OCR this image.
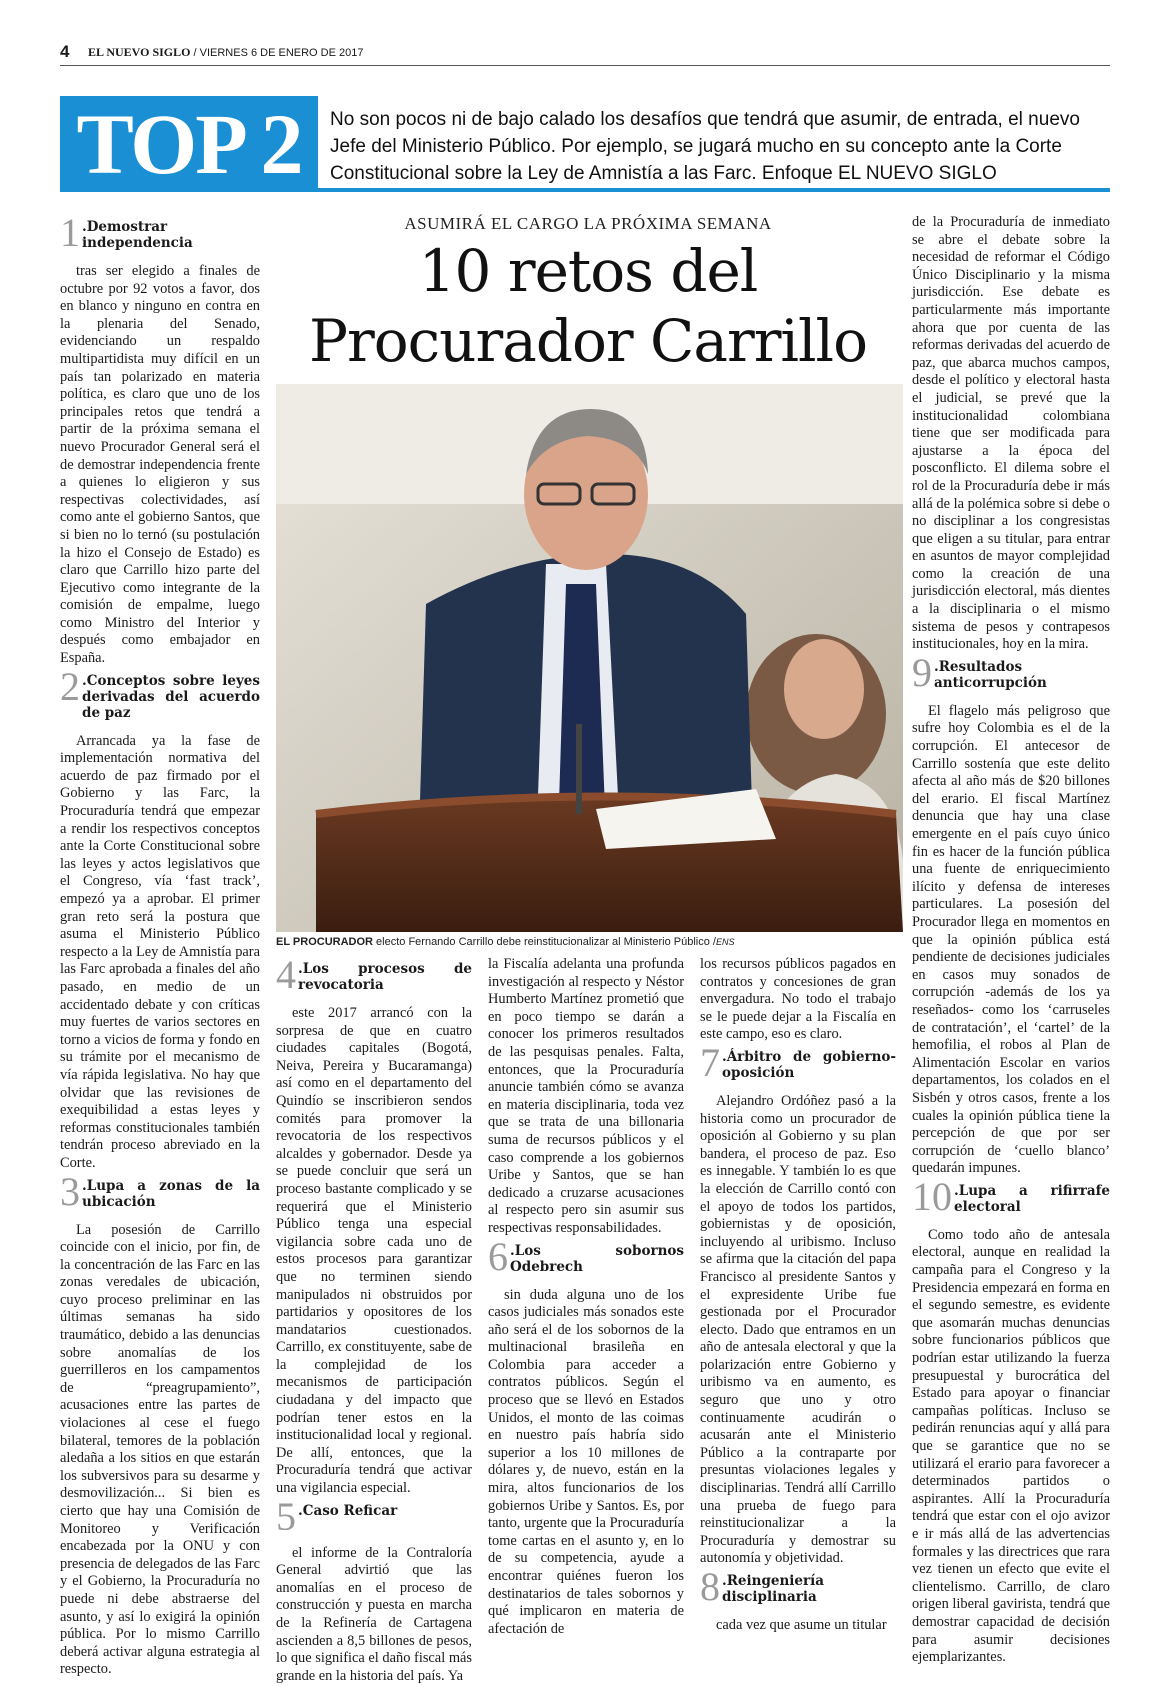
4 EL NUEVO SIGLO / VIERNES 6 DE ENERO DE 2017
TOP 2	No son pocos ni de bajo calado los desafíos que tendrá que asumir, de entrada, el nuevo Jefe del Ministerio Público. Por ejemplo, se jugará mucho en su concepto ante la Corte Constitucional sobre la Ley de Amnistía a las Farc. Enfoque EL NUEVO SIGLO
1 .Demostrar independencia

tras ser elegido a finales de octubre por 92 votos a favor, dos en blanco y ninguno en contra en la plenaria del Senado, evidenciando un respaldo multipartidista muy difícil en un país tan polarizado en materia política, es claro que uno de los principales retos que tendrá a partir de la próxima semana el nuevo Procurador General será el de demostrar independencia frente a quienes lo eligieron y sus respectivas colectividades, así como ante el gobierno Santos, que si bien no lo ternó (su postulación la hizo el Consejo de Estado) es claro que Carrillo hizo parte del Ejecutivo como integrante de la comisión de empalme, luego como Ministro del Interior y después como embajador en España.

2 .Conceptos sobre leyes derivadas del acuerdo de paz

Arrancada ya la fase de implementación normativa del acuerdo de paz firmado por el Gobierno y las Farc, la Procuraduría tendrá que empezar a rendir los respectivos conceptos ante la Corte Constitucional sobre las leyes y actos legislativos que el Congreso, vía ‘fast track’, empezó ya a aprobar. El primer gran reto será la postura que asuma el Ministerio Público respecto a la Ley de Amnistía para las Farc aprobada a finales del año pasado, en medio de un accidentado debate y con críticas muy fuertes de varios sectores en torno a vicios de forma y fondo en su trámite por el mecanismo de vía rápida legislativa. No hay que olvidar que las revisiones de exequibilidad a estas leyes y reformas constitucionales también tendrán proceso abreviado en la Corte.

3 .Lupa a zonas de la ubicación

La posesión de Carrillo coincide con el inicio, por fin, de la concentración de las Farc en las zonas veredales de ubicación, cuyo proceso preliminar en las últimas semanas ha sido traumático, debido a las denuncias sobre anomalías de los guerrilleros en los campamentos de “preagrupamiento”, acusaciones entre las partes de violaciones al cese el fuego bilateral, temores de la población aledaña a los sitios en que estarán los subversivos para su desarme y desmovilización... Si bien es cierto que hay una Comisión de Monitoreo y Verificación encabezada por la ONU y con presencia de delegados de las Farc y el Gobierno, la Procuraduría no puede ni debe abstraerse del asunto, y así lo exigirá la opinión pública. Por lo mismo Carrillo deberá activar alguna estrategia al respecto.

ASUMIRÁ EL CARGO LA PRÓXIMA SEMANA
10 retos del Procurador Carrillo
EL PROCURADOR electo Fernando Carrillo debe reinstitucionalizar al Ministerio Público /ENS
4 .Los procesos de revocatoria

este 2017 arrancó con la sorpresa de que en cuatro ciudades capitales (Bogotá, Neiva, Pereira y Bucaramanga) así como en el departamento del Quindío se inscribieron sendos comités para promover la revocatoria de los respectivos alcaldes y gobernador. Desde ya se puede concluir que será un proceso bastante complicado y se requerirá que el Ministerio Público tenga una especial vigilancia sobre cada uno de estos procesos para garantizar que no terminen siendo manipulados ni obstruidos por partidarios y opositores de los mandatarios cuestionados. Carrillo, ex constituyente, sabe de la complejidad de los mecanismos de participación ciudadana y del impacto que podrían tener estos en la institucionalidad local y regional. De allí, entonces, que la Procuraduría tendrá que activar una vigilancia especial.

5 .Caso Reficar

el informe de la Contraloría General advirtió que las anomalías en el proceso de construcción y puesta en marcha de la Refinería de Cartagena ascienden a 8,5 billones de pesos, lo que significa el daño fiscal más grande en la historia del país. Ya

la Fiscalía adelanta una profunda investigación al respecto y Néstor Humberto Martínez prometió que en poco tiempo se darán a conocer los primeros resultados de las pesquisas penales. Falta, entonces, que la Procuraduría anuncie también cómo se avanza en materia disciplinaria, toda vez que se trata de una billonaria suma de recursos públicos y el caso comprende a los gobiernos Uribe y Santos, que se han dedicado a cruzarse acusaciones al respecto pero sin asumir sus respectivas responsabilidades.

6 .Los sobornos Odebrech

sin duda alguna uno de los casos judiciales más sonados este año será el de los sobornos de la multinacional brasileña en Colombia para acceder a contratos públicos. Según el proceso que se llevó en Estados Unidos, el monto de las coimas en nuestro país habría sido superior a los 10 millones de dólares y, de nuevo, están en la mira, altos funcionarios de los gobiernos Uribe y Santos. Es, por tanto, urgente que la Procuraduría tome cartas en el asunto y, en lo de su competencia, ayude a encontrar quiénes fueron los destinatarios de tales sobornos y qué implicaron en materia de afectación de

los recursos públicos pagados en contratos y concesiones de gran envergadura. No todo el trabajo se le puede dejar a la Fiscalía en este campo, eso es claro.

7 .Árbitro de gobierno-oposición

Alejandro Ordóñez pasó a la historia como un procurador de oposición al Gobierno y su plan bandera, el proceso de paz. Eso es innegable. Y también lo es que la elección de Carrillo contó con el apoyo de todos los partidos, gobiernistas y de oposición, incluyendo al uribismo. Incluso se afirma que la citación del papa Francisco al presidente Santos y el expresidente Uribe fue gestionada por el Procurador electo. Dado que entramos en un año de antesala electoral y que la polarización entre Gobierno y uribismo va en aumento, es seguro que uno y otro continuamente acudirán o acusarán ante el Ministerio Público a la contraparte por presuntas violaciones legales y disciplinarias. Tendrá allí Carrillo una prueba de fuego para reinstitucionalizar a la Procuraduría y demostrar su autonomía y objetividad.

8 .Reingeniería disciplinaria

cada vez que asume un titular

de la Procuraduría de inmediato se abre el debate sobre la necesidad de reformar el Código Único Disciplinario y la misma jurisdicción. Ese debate es particularmente más importante ahora que por cuenta de las reformas derivadas del acuerdo de paz, que abarca muchos campos, desde el político y electoral hasta el judicial, se prevé que la institucionalidad colombiana tiene que ser modificada para ajustarse a la época del posconflicto. El dilema sobre el rol de la Procuraduría debe ir más allá de la polémica sobre si debe o no disciplinar a los congresistas que eligen a su titular, para entrar en asuntos de mayor complejidad como la creación de una jurisdicción electoral, más dientes a la disciplinaria o el mismo sistema de pesos y contrapesos institucionales, hoy en la mira.

9 .Resultados anticorrupción

El flagelo más peligroso que sufre hoy Colombia es el de la corrupción. El antecesor de Carrillo sostenía que este delito afecta al año más de $20 billones del erario. El fiscal Martínez denuncia que hay una clase emergente en el país cuyo único fin es hacer de la función pública una fuente de enriquecimiento ilícito y defensa de intereses particulares. La posesión del Procurador llega en momentos en que la opinión pública está pendiente de decisiones judiciales en casos muy sonados de corrupción -además de los ya reseñados- como los ‘carruseles de contratación’, el ‘cartel’ de la hemofilia, el robos al Plan de Alimentación Escolar en varios departamentos, los colados en el Sisbén y otros casos, frente a los cuales la opinión pública tiene la percepción de que por ser corrupción de ‘cuello blanco’ quedarán impunes.

10 .Lupa a rifirrafe electoral

Como todo año de antesala electoral, aunque en realidad la campaña para el Congreso y la Presidencia empezará en forma en el segundo semestre, es evidente que asomarán muchas denuncias sobre funcionarios públicos que podrían estar utilizando la fuerza presupuestal y burocrática del Estado para apoyar o financiar campañas políticas. Incluso se pedirán renuncias aquí y allá para que se garantice que no se utilizará el erario para favorecer a determinados partidos o aspirantes. Allí la Procuraduría tendrá que estar con el ojo avizor e ir más allá de las advertencias formales y las directrices que rara vez tienen un efecto que evite el clientelismo. Carrillo, de claro origen liberal gavirista, tendrá que demostrar capacidad de decisión para asumir decisiones ejemplarizantes.
